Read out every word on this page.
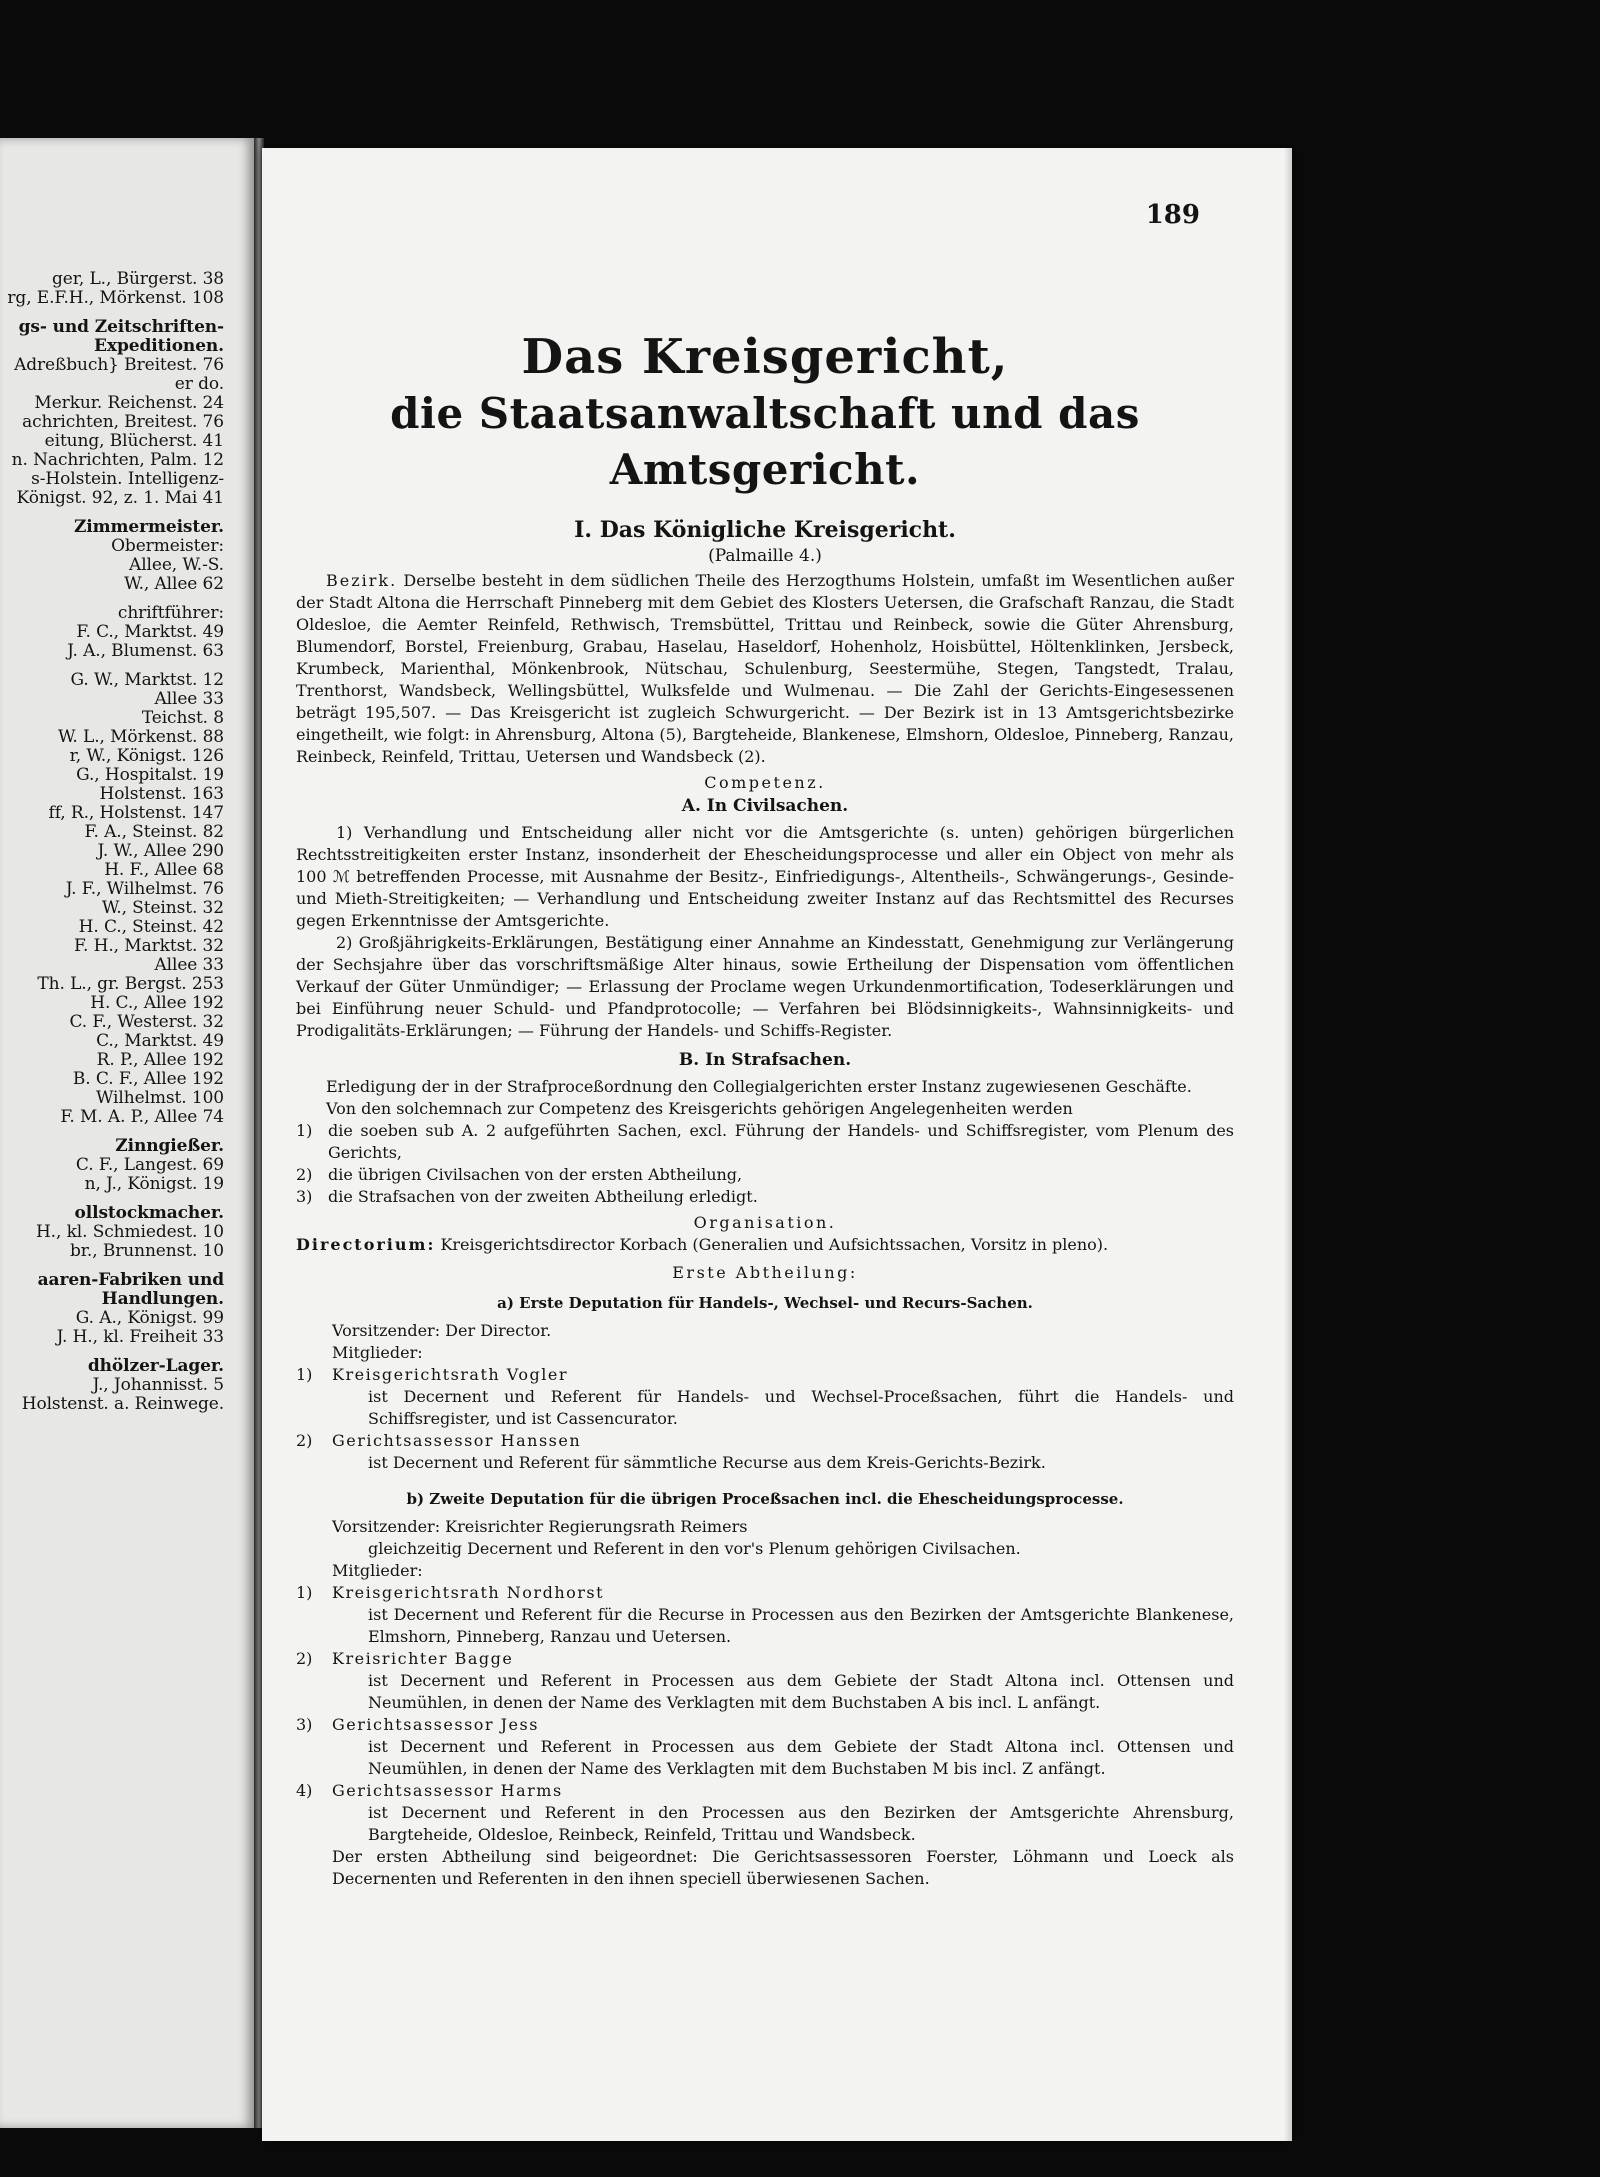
ger, L., Bürgerst. 38
rg, E.F.H., Mörkenst. 108
gs- und Zeitschriften-
Expeditionen.
Adreßbuch} Breitest. 76
er do.
Merkur. Reichenst. 24
achrichten, Breitest. 76
eitung, Blücherst. 41
n. Nachrichten, Palm. 12
s-Holstein. Intelligenz-
Königst. 92, z. 1. Mai 41
Zimmermeister.
Obermeister:
Allee, W.-S.
W., Allee 62
chriftführer:
F. C., Marktst. 49
J. A., Blumenst. 63
G. W., Marktst. 12
Allee 33
Teichst. 8
W. L., Mörkenst. 88
r, W., Königst. 126
G., Hospitalst. 19
Holstenst. 163
ff, R., Holstenst. 147
F. A., Steinst. 82
J. W., Allee 290
H. F., Allee 68
J. F., Wilhelmst. 76
W., Steinst. 32
H. C., Steinst. 42
F. H., Marktst. 32
Allee 33
Th. L., gr. Bergst. 253
H. C., Allee 192
C. F., Westerst. 32
C., Marktst. 49
R. P., Allee 192
B. C. F., Allee 192
Wilhelmst. 100
F. M. A. P., Allee 74
Zinngießer.
C. F., Langest. 69
n, J., Königst. 19
ollstockmacher.
H., kl. Schmiedest. 10
br., Brunnenst. 10
aaren-Fabriken und
Handlungen.
G. A., Königst. 99
J. H., kl. Freiheit 33
dhölzer-Lager.
J., Johannisst. 5
Holstenst. a. Reinwege.
189
Das Kreisgericht,
die Staatsanwaltschaft und das Amtsgericht.
I. Das Königliche Kreisgericht.
(Palmaille 4.)

Bezirk. Derselbe besteht in dem südlichen Theile des Herzogthums Holstein, umfaßt im Wesentlichen außer der Stadt Altona die Herrschaft Pinneberg mit dem Gebiet des Klosters Uetersen, die Grafschaft Ranzau, die Stadt Oldesloe, die Aemter Reinfeld, Rethwisch, Tremsbüttel, Trittau und Reinbeck, sowie die Güter Ahrensburg, Blumendorf, Borstel, Freienburg, Grabau, Haselau, Haseldorf, Hohenholz, Hoisbüttel, Höltenklinken, Jersbeck, Krumbeck, Marienthal, Mönkenbrook, Nütschau, Schulenburg, Seestermühe, Stegen, Tangstedt, Tralau, Trenthorst, Wandsbeck, Wellingsbüttel, Wulksfelde und Wulmenau. — Die Zahl der Gerichts-Eingesessenen beträgt 195,507. — Das Kreisgericht ist zugleich Schwurgericht. — Der Bezirk ist in 13 Amtsgerichtsbezirke eingetheilt, wie folgt: in Ahrensburg, Altona (5), Bargteheide, Blankenese, Elmshorn, Oldesloe, Pinneberg, Ranzau, Reinbeck, Reinfeld, Trittau, Uetersen und Wandsbeck (2).

Competenz.
A. In Civilsachen.

1) Verhandlung und Entscheidung aller nicht vor die Amtsgerichte (s. unten) gehörigen bürgerlichen Rechtsstreitigkeiten erster Instanz, insonderheit der Ehescheidungsprocesse und aller ein Object von mehr als 100 ℳ betreffenden Processe, mit Ausnahme der Besitz-, Einfriedigungs-, Altentheils-, Schwängerungs-, Gesinde- und Mieth-Streitigkeiten; — Verhandlung und Entscheidung zweiter Instanz auf das Rechtsmittel des Recurses gegen Erkenntnisse der Amtsgerichte.

2) Großjährigkeits-Erklärungen, Bestätigung einer Annahme an Kindesstatt, Genehmigung zur Verlängerung der Sechsjahre über das vorschriftsmäßige Alter hinaus, sowie Ertheilung der Dispensation vom öffentlichen Verkauf der Güter Unmündiger; — Erlassung der Proclame wegen Urkundenmortification, Todeserklärungen und bei Einführung neuer Schuld- und Pfandprotocolle; — Verfahren bei Blödsinnigkeits-, Wahnsinnigkeits- und Prodigalitäts-Erklärungen; — Führung der Handels- und Schiffs-Register.

B. In Strafsachen.

Erledigung der in der Strafproceßordnung den Collegialgerichten erster Instanz zugewiesenen Geschäfte.

Von den solchemnach zur Competenz des Kreisgerichts gehörigen Angelegenheiten werden

1) die soeben sub A. 2 aufgeführten Sachen, excl. Führung der Handels- und Schiffsregister, vom Plenum des Gerichts,
2) die übrigen Civilsachen von der ersten Abtheilung,
3) die Strafsachen von der zweiten Abtheilung erledigt.
Organisation.
Directorium: Kreisgerichtsdirector Korbach (Generalien und Aufsichtssachen, Vorsitz in pleno).
Erste Abtheilung:
a) Erste Deputation für Handels-, Wechsel- und Recurs-Sachen.
Vorsitzender: Der Director.
Mitglieder:
1)	Kreisgerichtsrath Vogler
ist Decernent und Referent für Handels- und Wechsel-Proceßsachen, führt die Handels- und Schiffsregister, und ist Cassencurator.
2)	Gerichtsassessor Hanssen
ist Decernent und Referent für sämmtliche Recurse aus dem Kreis-Gerichts-Bezirk.
b) Zweite Deputation für die übrigen Proceßsachen incl. die Ehescheidungsprocesse.
Vorsitzender: Kreisrichter Regierungsrath Reimers
gleichzeitig Decernent und Referent in den vor's Plenum gehörigen Civilsachen.
Mitglieder:
1)	Kreisgerichtsrath Nordhorst
ist Decernent und Referent für die Recurse in Processen aus den Bezirken der Amtsgerichte Blankenese, Elmshorn, Pinneberg, Ranzau und Uetersen.
2)	Kreisrichter Bagge
ist Decernent und Referent in Processen aus dem Gebiete der Stadt Altona incl. Ottensen und Neumühlen, in denen der Name des Verklagten mit dem Buchstaben A bis incl. L anfängt.
3)	Gerichtsassessor Jess
ist Decernent und Referent in Processen aus dem Gebiete der Stadt Altona incl. Ottensen und Neumühlen, in denen der Name des Verklagten mit dem Buchstaben M bis incl. Z anfängt.
4)	Gerichtsassessor Harms
ist Decernent und Referent in den Processen aus den Bezirken der Amtsgerichte Ahrensburg, Bargteheide, Oldesloe, Reinbeck, Reinfeld, Trittau und Wandsbeck.

Der ersten Abtheilung sind beigeordnet: Die Gerichtsassessoren Foerster, Löhmann und Loeck als Decernenten und Referenten in den ihnen speciell überwiesenen Sachen.
